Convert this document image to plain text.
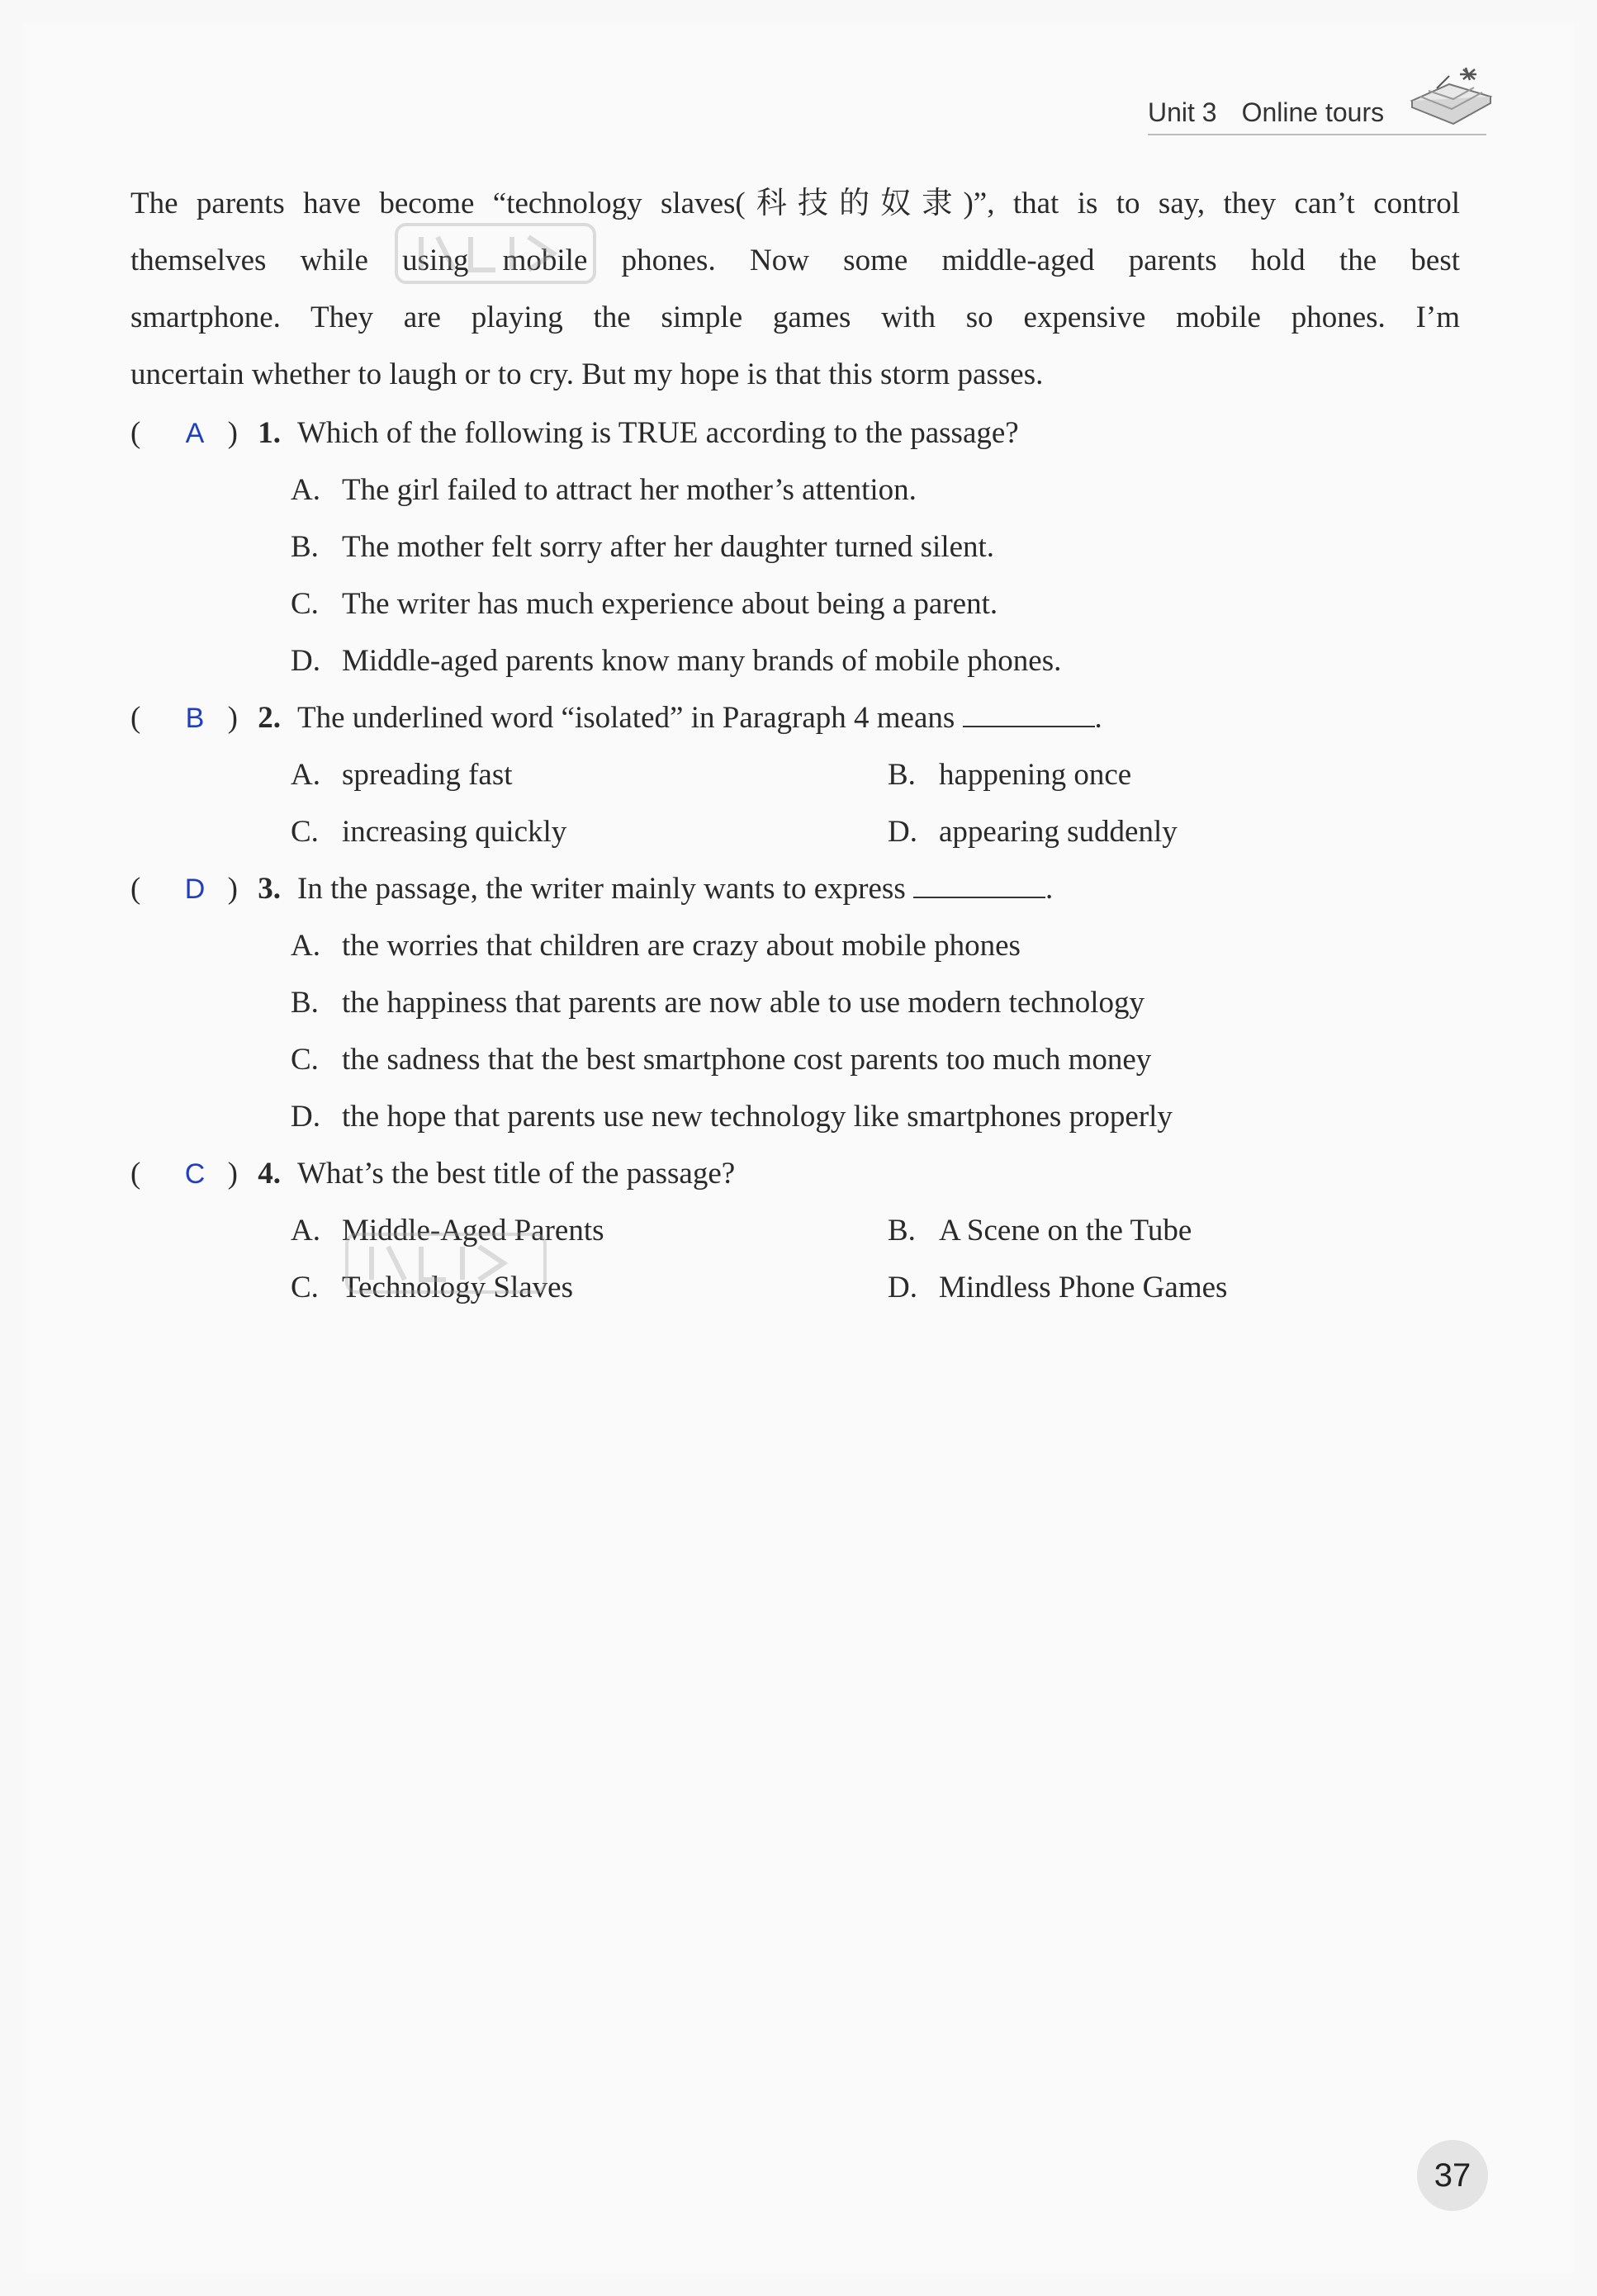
Unit 3 Online tours
The parents have become “technology slaves(科技的奴隶)”, that is to say, they can’t control
themselves while using mobile phones. Now some middle-aged parents hold the best
smartphone. They are playing the simple games with so expensive mobile phones. I’m
uncertain whether to laugh or to cry. But my hope is that this storm passes.
( A ) 1. Which of the following is TRUE according to the passage?
A. The girl failed to attract her mother’s attention.
B. The mother felt sorry after her daughter turned silent.
C. The writer has much experience about being a parent.
D. Middle-aged parents know many brands of mobile phones.
( B ) 2. The underlined word “isolated” in Paragraph 4 means	.
A. spreading fast	B. happening once
C. increasing quickly	D. appearing suddenly
( D ) 3. In the passage, the writer mainly wants to express	.
A. the worries that children are crazy about mobile phones
B. the happiness that parents are now able to use modern technology
C. the sadness that the best smartphone cost parents too much money
D. the hope that parents use new technology like smartphones properly
( C ) 4. What’s the best title of the passage?
A. Middle-Aged Parents	B. A Scene on the Tube
C. Technology Slaves	D. Mindless Phone Games
37
